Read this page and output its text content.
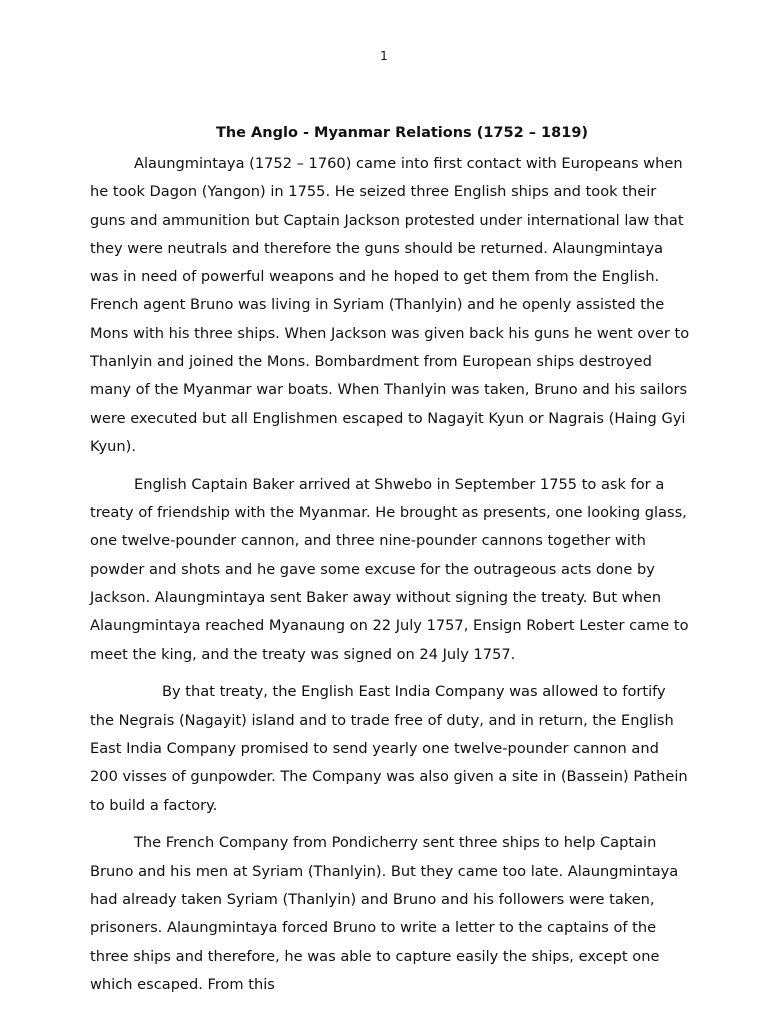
1
The Anglo - Myanmar Relations (1752 – 1819)

Alaungmintaya (1752 – 1760) came into first contact with Europeans when he took Dagon (Yangon) in 1755. He seized three English ships and took their guns and ammunition but Captain Jackson protested under international law that they were neutrals and therefore the guns should be returned. Alaungmintaya was in need of powerful weapons and he hoped to get them from the English. French agent Bruno was living in Syriam (Thanlyin) and he openly assisted the Mons with his three ships. When Jackson was given back his guns he went over to Thanlyin and joined the Mons. Bombardment from European ships destroyed many of the Myanmar war boats. When Thanlyin was taken, Bruno and his sailors were executed but all Englishmen escaped to Nagayit Kyun or Nagrais (Haing Gyi Kyun).

English Captain Baker arrived at Shwebo in September 1755 to ask for a treaty of friendship with the Myanmar. He brought as presents, one looking glass, one twelve-pounder cannon, and three nine-pounder cannons together with powder and shots and he gave some excuse for the outrageous acts done by Jackson. Alaungmintaya sent Baker away without signing the treaty. But when Alaungmintaya reached Myanaung on 22 July 1757, Ensign Robert Lester came to meet the king, and the treaty was signed on 24 July 1757.

By that treaty, the English East India Company was allowed to fortify the Negrais (Nagayit) island and to trade free of duty, and in return, the English East India Company promised to send yearly one twelve-pounder cannon and 200 visses of gunpowder. The Company was also given a site in (Bassein) Pathein to build a factory.

The French Company from Pondicherry sent three ships to help Captain Bruno and his men at Syriam (Thanlyin). But they came too late. Alaungmintaya had already taken Syriam (Thanlyin) and Bruno and his followers were taken, prisoners. Alaungmintaya forced Bruno to write a letter to the captains of the three ships and therefore, he was able to capture easily the ships, except one which escaped. From this
